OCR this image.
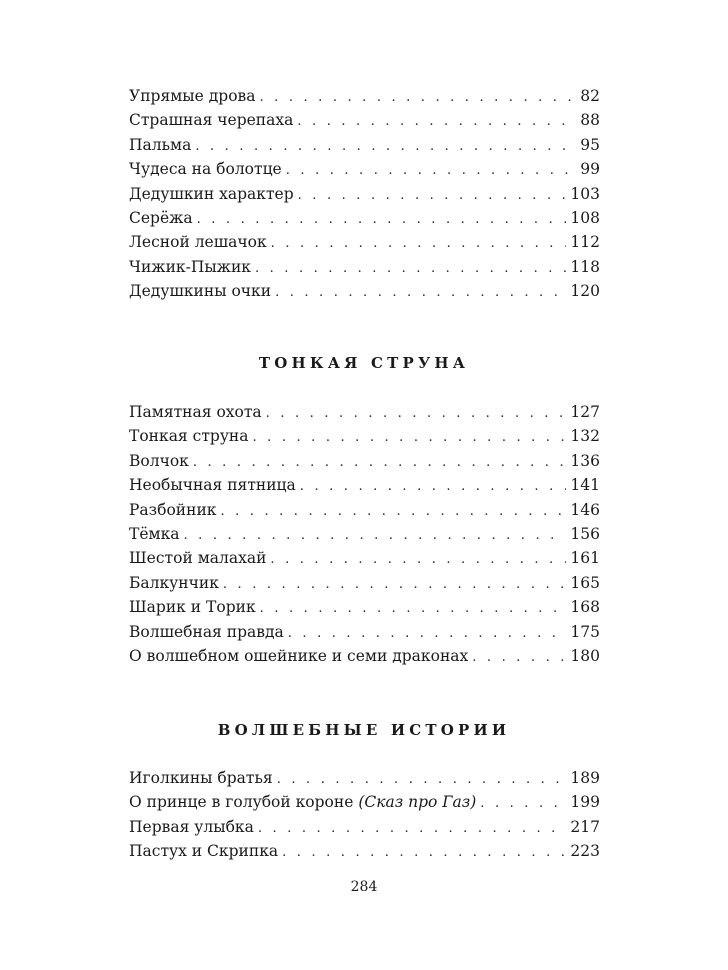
Упрямые дрова . . .	82
Страшная черепаха . . .	88
Пальма . . .	95
Чудеса на болотце . . .	99
Дедушкин характер . . .	103
Серёжа . . .	108
Лесной лешачок . . .	112
Чижик-Пыжик . . .	118
Дедушкины очки . . .	120
ТОНКАЯ СТРУНА
Памятная охота . . .	127
Тонкая струна . . .	132
Волчок . . .	136
Необычная пятница . . .	141
Разбойник . . .	146
Тёмка . . .	156
Шестой малахай . . .	161
Балкунчик . . .	165
Шарик и Торик . . .	168
Волшебная правда . . .	175
О волшебном ошейнике и семи драконах . . .	180
ВОЛШЕБНЫЕ ИСТОРИИ
Иголкины братья . . .	189
О принце в голубой короне (Сказ про Газ) . . .	199
Первая улыбка . . .	217
Пастух и Скрипка . . .	223
284
